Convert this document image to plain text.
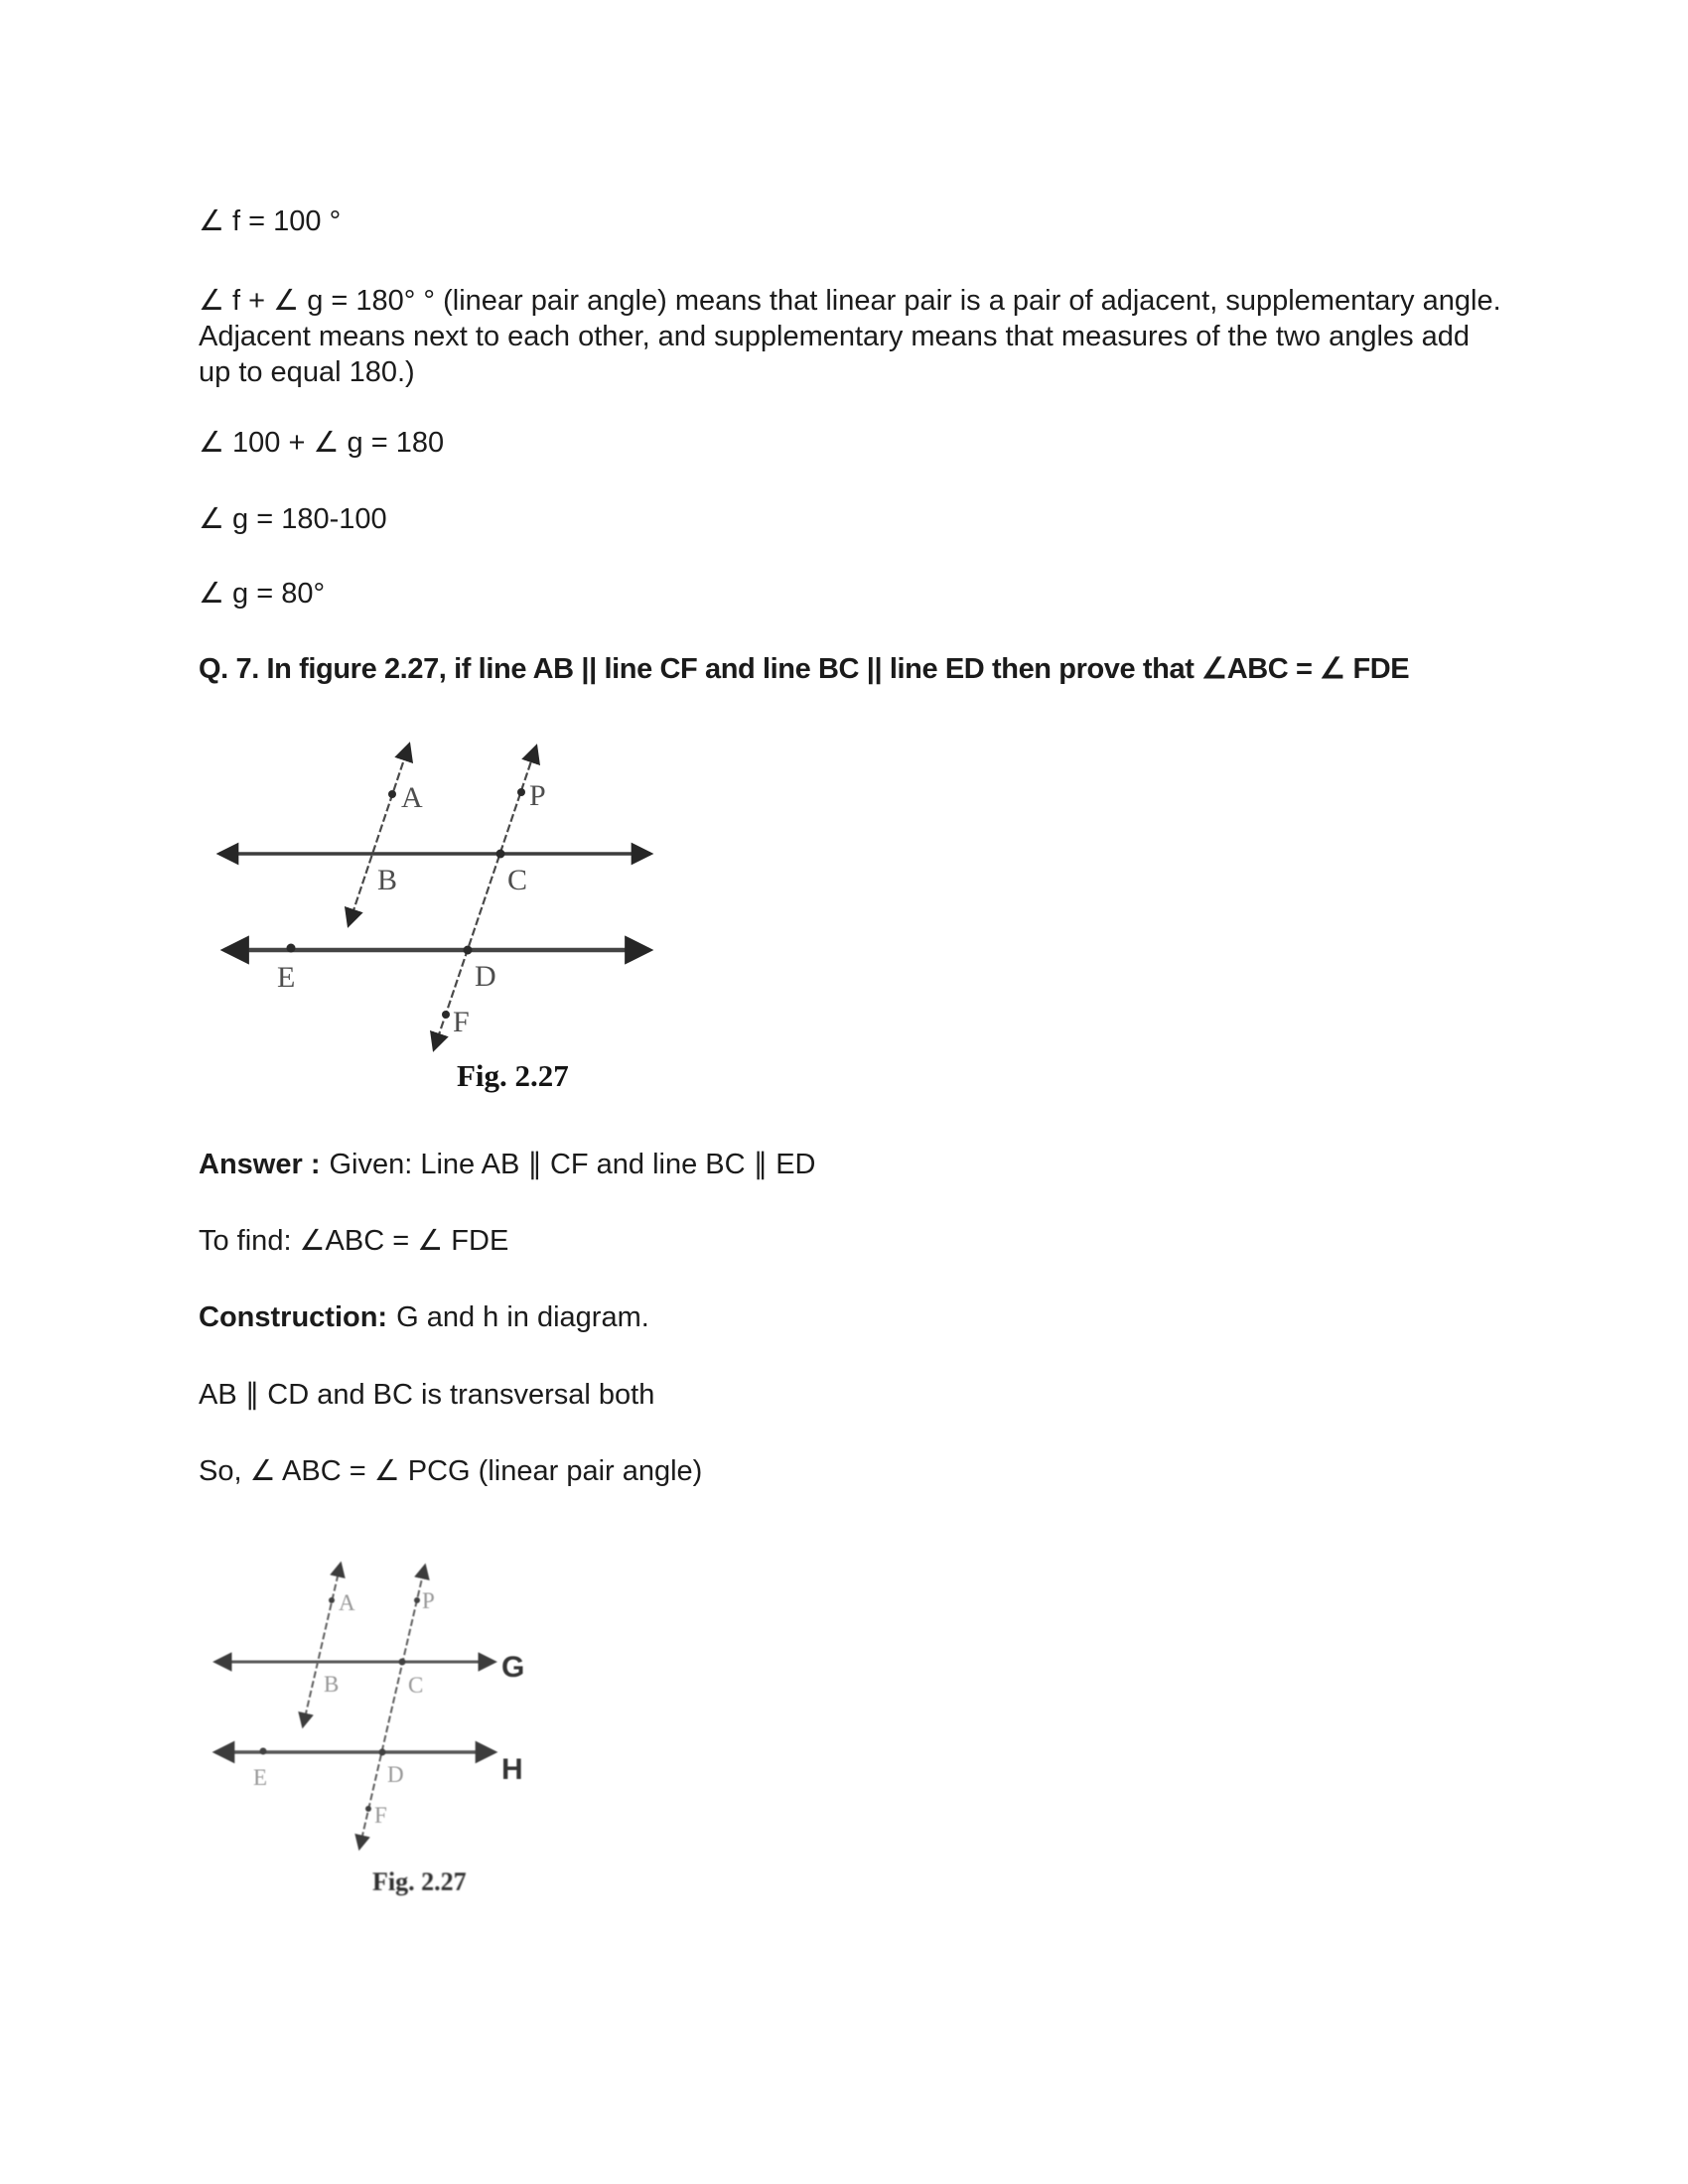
∠ f = 100 °

∠ f + ∠ g = 180° ° (linear pair angle) means that linear pair is a pair of adjacent, supplementary angle. Adjacent means next to each other, and supplementary means that measures of the two angles add up to equal 180.)

∠ 100 + ∠ g = 180

∠ g = 180-100

∠ g = 80°

Q. 7. In figure 2.27, if line AB || line CF and line BC || line ED then prove that ∠ABC = ∠ FDE

A	P
B	C
D
E
F
Fig. 2.27

Answer : Given: Line AB ∥ CF and line BC ∥ ED

To find: ∠ABC = ∠ FDE

Construction: G and h in diagram.

AB ∥ CD and BC is transversal both

So, ∠ ABC = ∠ PCG (linear pair angle)

A	P
B	C
D
E
F
G
H
Fig. 2.27
